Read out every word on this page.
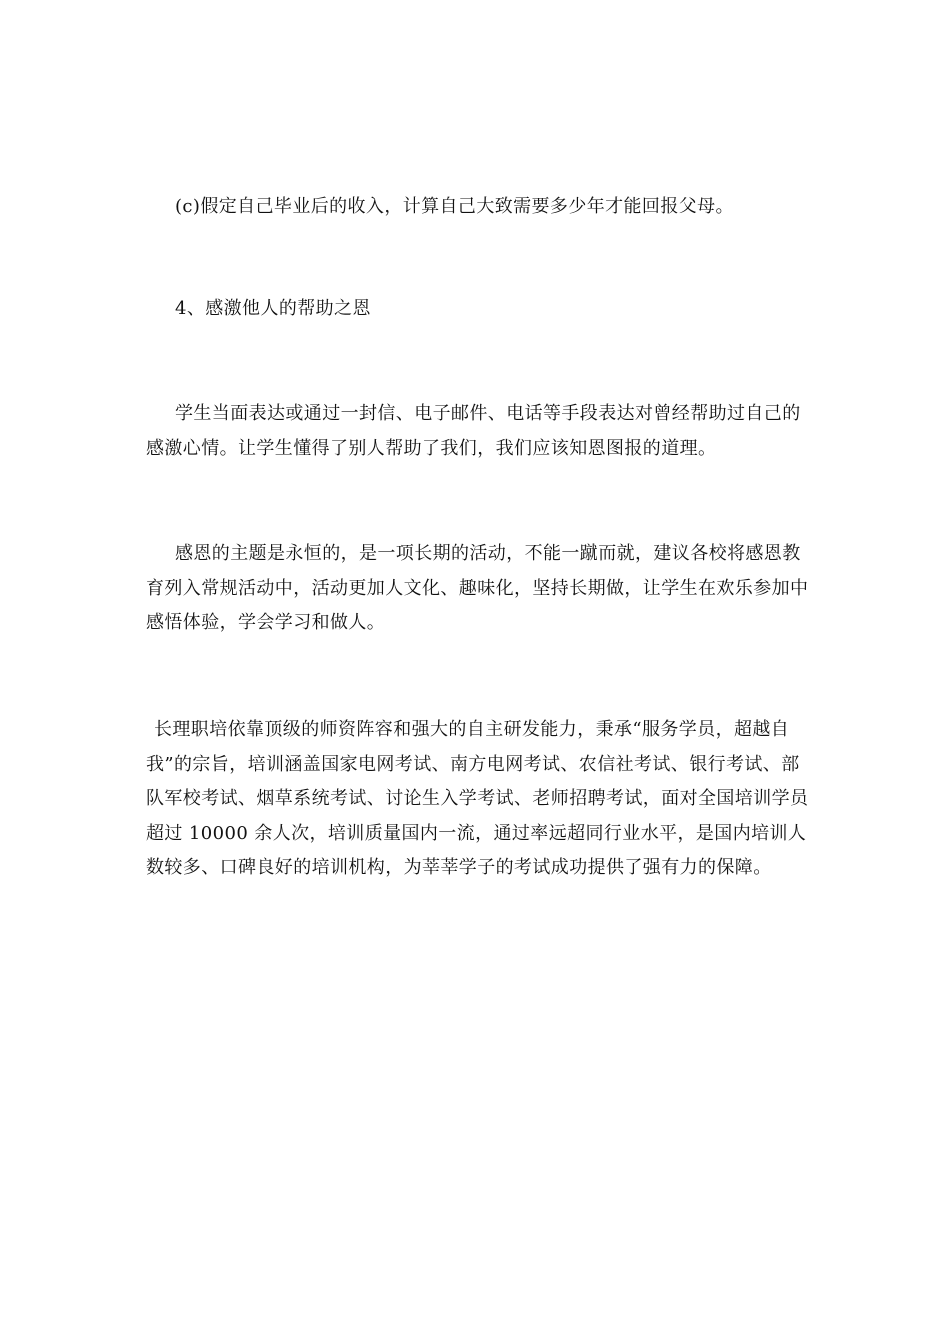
(c)假定自己毕业后的收入，计算自己大致需要多少年才能回报父母。

4、感激他人的帮助之恩

学生当面表达或通过一封信、电子邮件、电话等手段表达对曾经帮助过自己的感激心情。让学生懂得了别人帮助了我们，我们应该知恩图报的道理。

感恩的主题是永恒的，是一项长期的活动，不能一蹴而就，建议各校将感恩教育列入常规活动中，活动更加人文化、趣味化，坚持长期做，让学生在欢乐参加中感悟体验，学会学习和做人。

长理职培依靠顶级的师资阵容和强大的自主研发能力，秉承“服务学员，超越自我”的宗旨，培训涵盖国家电网考试、南方电网考试、农信社考试、银行考试、部队军校考试、烟草系统考试、讨论生入学考试、老师招聘考试，面对全国培训学员超过 10000 余人次，培训质量国内一流，通过率远超同行业水平，是国内培训人数较多、口碑良好的培训机构，为莘莘学子的考试成功提供了强有力的保障。
